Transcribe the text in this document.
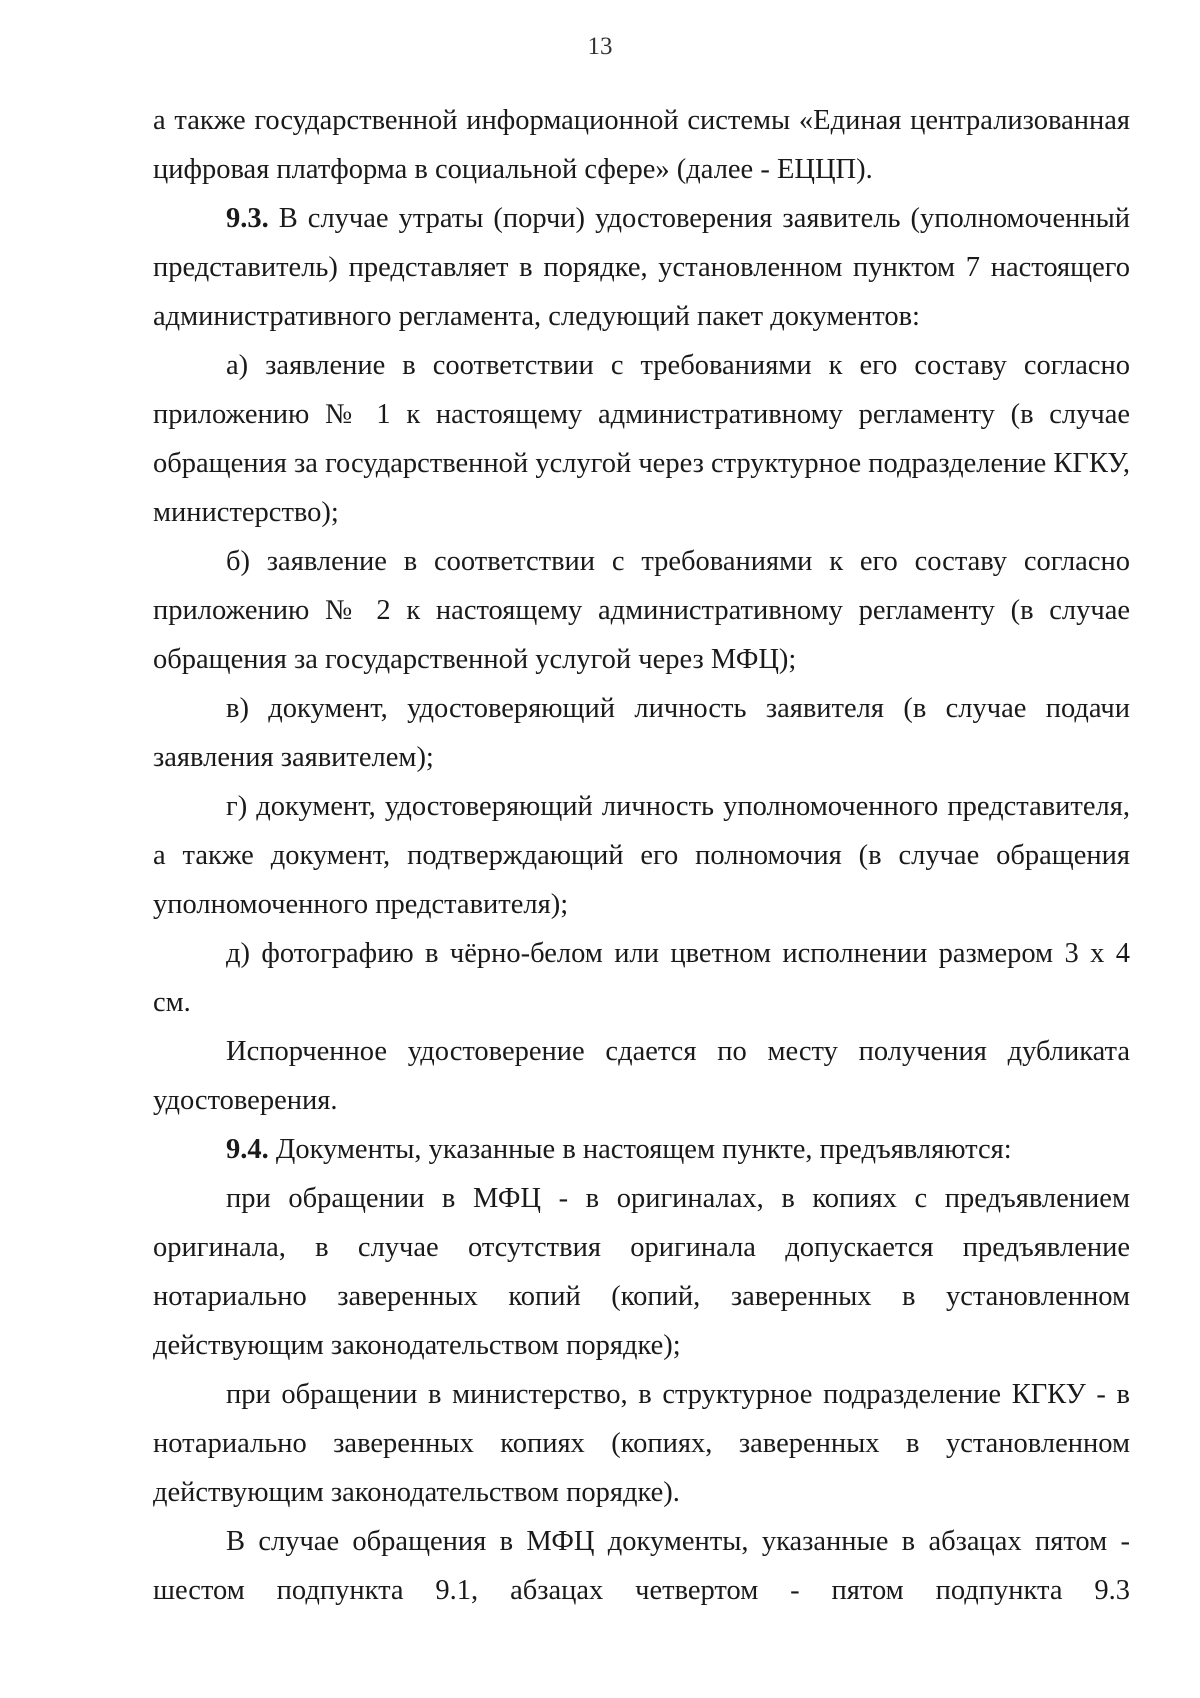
13

а также государственной информационной системы «Единая централизованная цифровая платформа в социальной сфере» (далее - ЕЦЦП).

9.3. В случае утраты (порчи) удостоверения заявитель (уполномоченный представитель) представляет в порядке, установленном пунктом 7 настоящего административного регламента, следующий пакет документов:

а) заявление в соответствии с требованиями к его составу согласно приложению № 1 к настоящему административному регламенту (в случае обращения за государственной услугой через структурное подразделение КГКУ, министерство);

б) заявление в соответствии с требованиями к его составу согласно приложению № 2 к настоящему административному регламенту (в случае обращения за государственной услугой через МФЦ);

в) документ, удостоверяющий личность заявителя (в случае подачи заявления заявителем);

г) документ, удостоверяющий личность уполномоченного представителя, а также документ, подтверждающий его полномочия (в случае обращения уполномоченного представителя);

д) фотографию в чёрно-белом или цветном исполнении размером 3 х 4 см.

Испорченное удостоверение сдается по месту получения дубликата удостоверения.

9.4. Документы, указанные в настоящем пункте, предъявляются:

при обращении в МФЦ - в оригиналах, в копиях с предъявлением оригинала, в случае отсутствия оригинала допускается предъявление нотариально заверенных копий (копий, заверенных в установленном действующим законодательством порядке);

при обращении в министерство, в структурное подразделение КГКУ - в нотариально заверенных копиях (копиях, заверенных в установленном действующим законодательством порядке).

В случае обращения в МФЦ документы, указанные в абзацах пятом - шестом подпункта 9.1, абзацах четвертом - пятом подпункта 9.3
